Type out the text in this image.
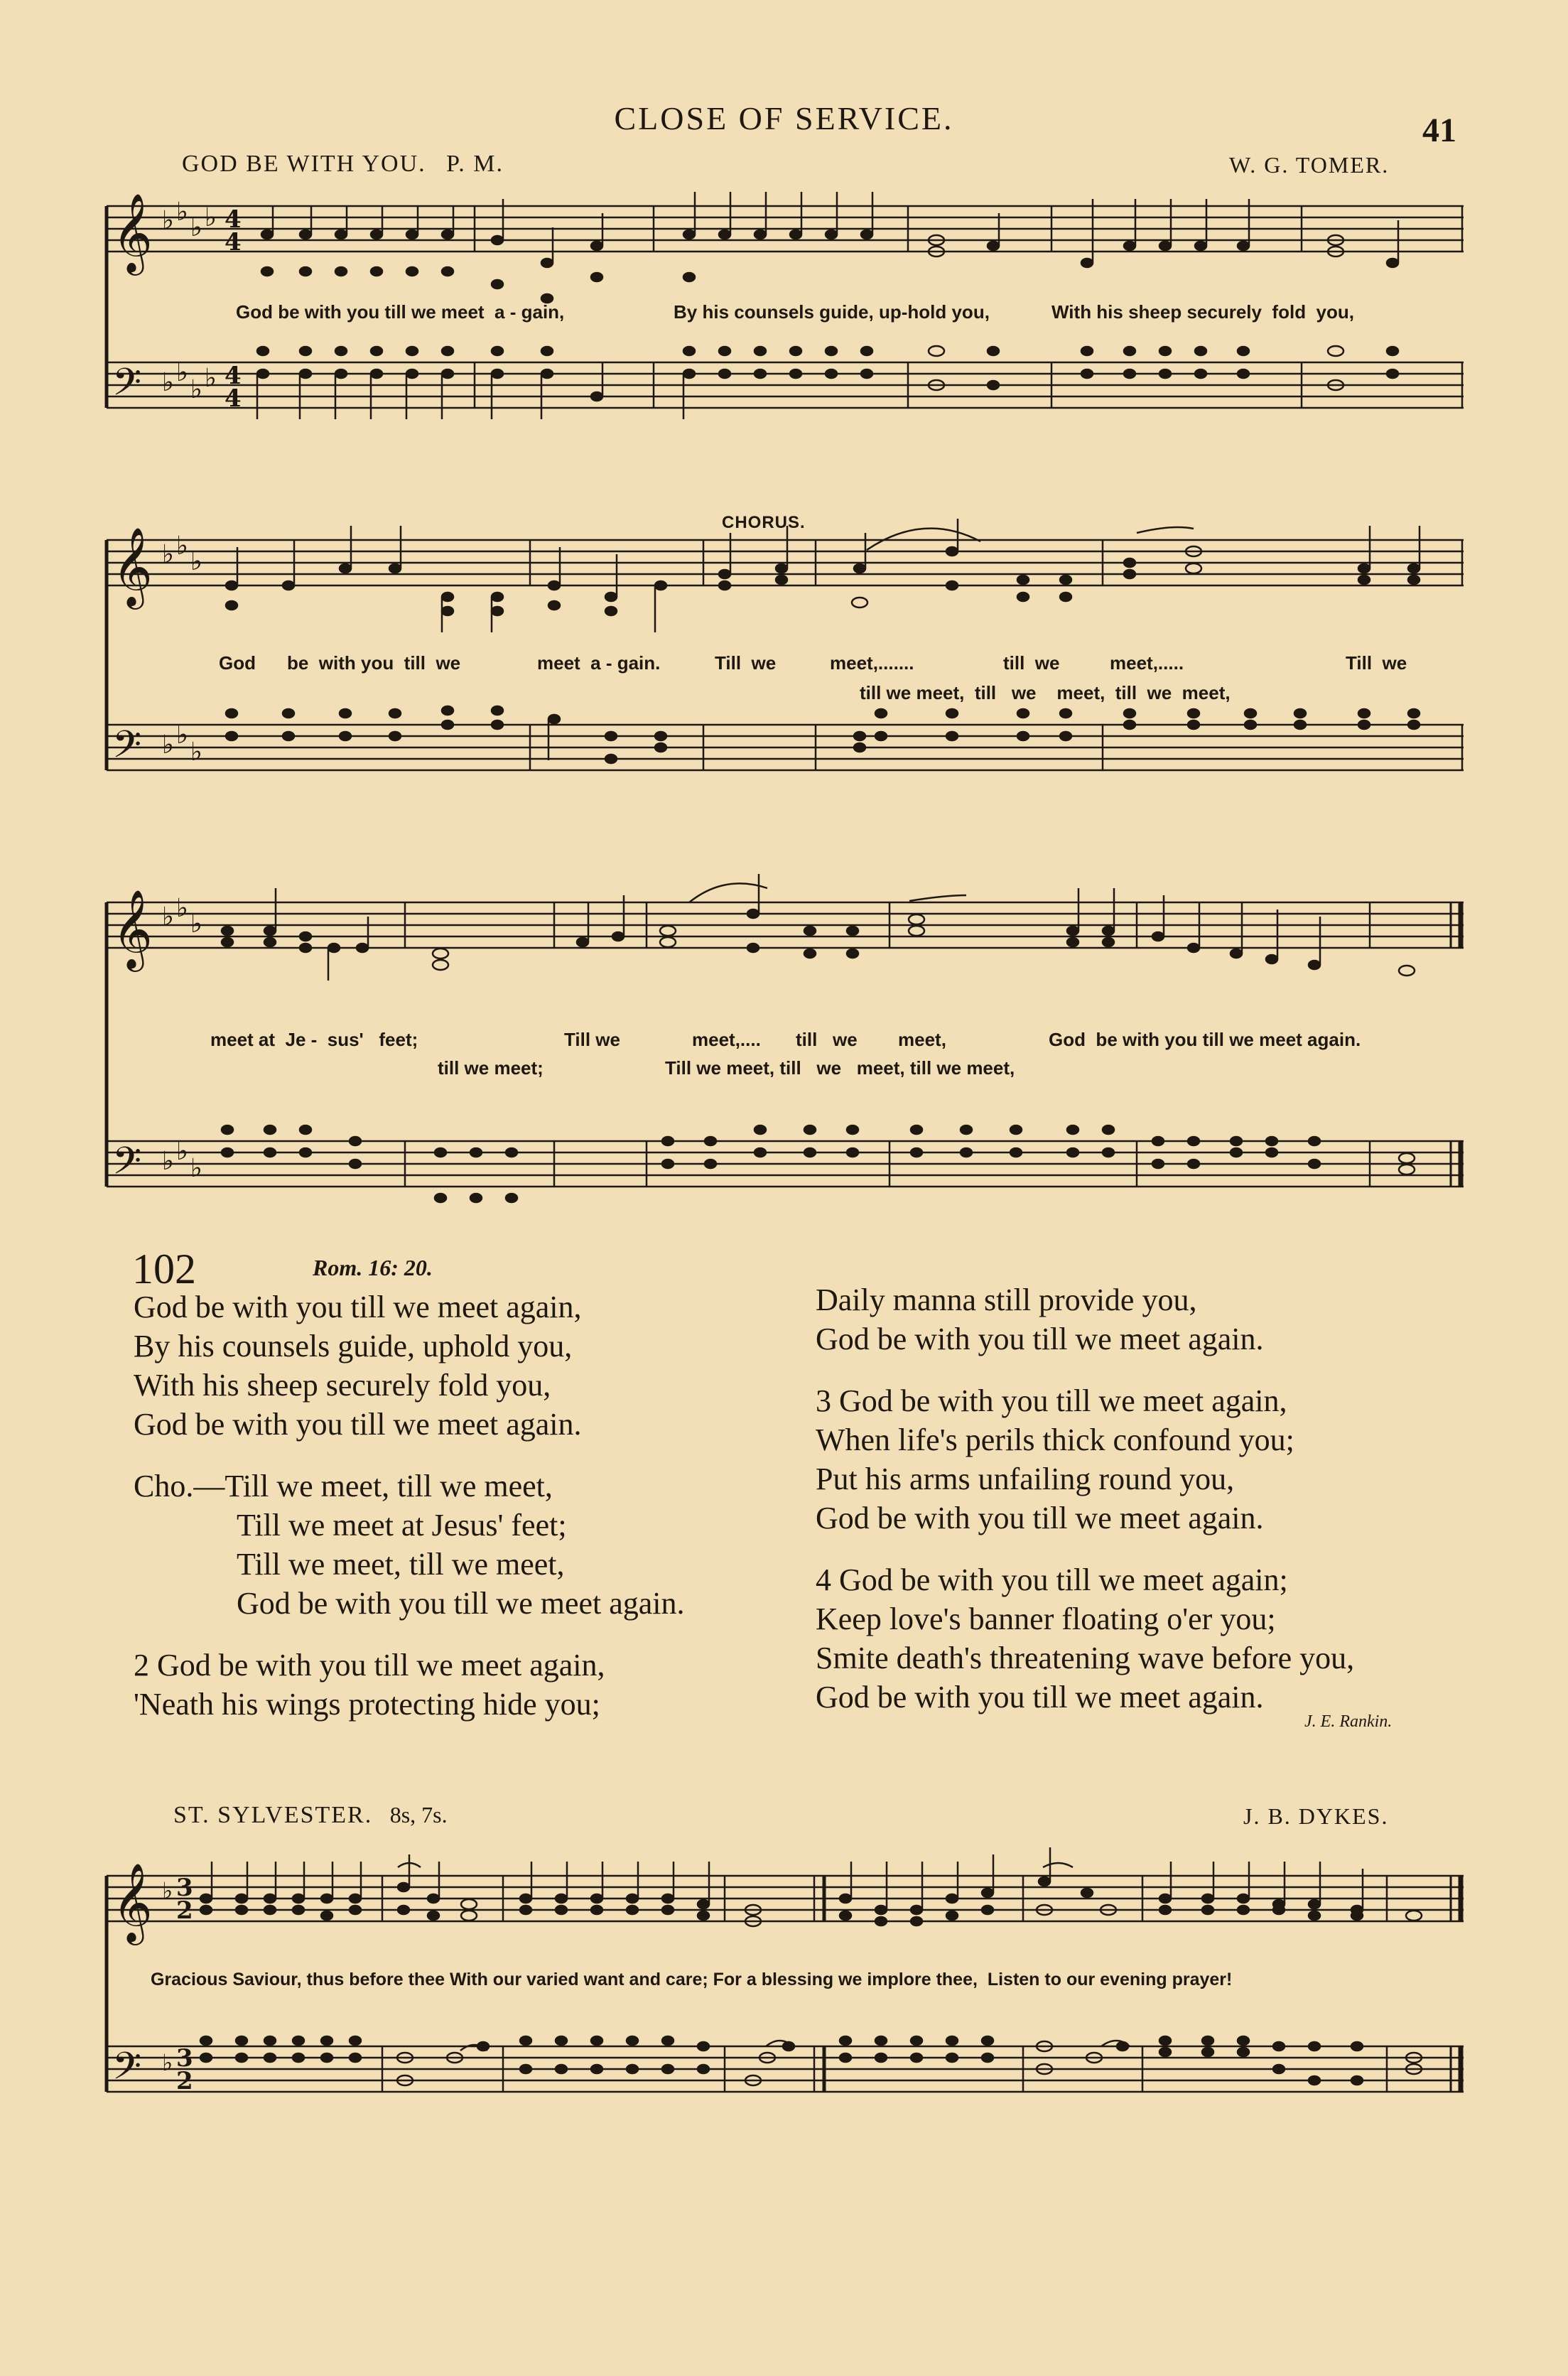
CLOSE OF SERVICE.	41
GOD BE WITH YOU. P. M.	W. G. TOMER.
𝄞
𝄢
♭ ♭
♭ ♭
♭ ♭
♭ ♭
4
4
4
4
God be with you till we meet  a - gain,	By his counsels guide, up-hold you,	With his sheep securely  fold  you,
CHORUS.
𝄞
𝄢
♭ ♭
♭
♭ ♭
♭
God be  with you  till  we	meet  a - gain.	Till  we	meet,.......	till  we	meet,.....	Till  we
till we meet,  till   we    meet,  till  we  meet,
𝄞
𝄢
♭ ♭
♭
♭ ♭
♭
meet at  Je -  sus'   feet;	Till we	meet,.... till   we meet,	God  be with you till we meet again.
till we meet;	Till we meet, till   we   meet, till we meet,
102	Rom. 16: 20.
God be with you till we meet again,
By his counsels guide, uphold you,
With his sheep securely fold you,
God be with you till we meet again.
Cho.—Till we meet, till we meet,
Till we meet at Jesus' feet;
Till we meet, till we meet,
God be with you till we meet again.
2 God be with you till we meet again,
'Neath his wings protecting hide you;
Daily manna still provide you,
God be with you till we meet again.
3 God be with you till we meet again,
When life's perils thick confound you;
Put his arms unfailing round you,
God be with you till we meet again.
4 God be with you till we meet again;
Keep love's banner floating o'er you;
Smite death's threatening wave before you,
God be with you till we meet again.
J. E. Rankin.
ST. SYLVESTER. 8s, 7s.	J. B. DYKES.
𝄞
𝄢
♭
♭
3
2
3
2
Gracious Saviour, thus before thee With our varied want and care; For a blessing we implore thee,  Listen to our evening prayer!
